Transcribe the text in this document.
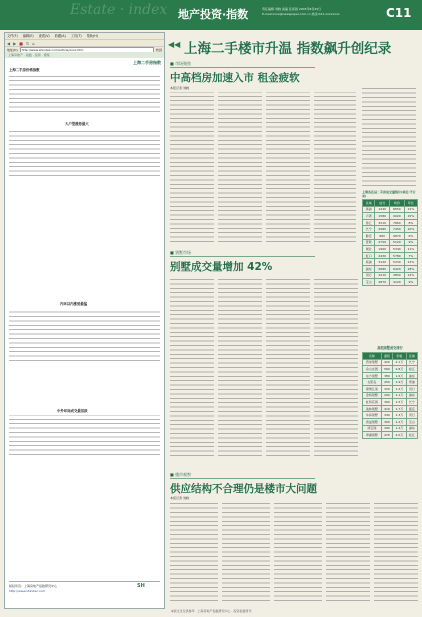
Estate · index 地产投资·指数	责任编辑 刘晓 美编 张泽园 2003年8月25日
E-mail:xxxx@newspaper.com.cn 热线:021-xxxxxxxx	C11
文件(F) 编辑(E) 查看(V) 收藏(A) 工具(T) 帮助(H)
◀ ▶ ■ ↻ ⌂
地址(D)	http://www.shindex.com/article/xxxx.htm	转到
上海房地产 · 指数 · 投资 · 观察
上海二手房指数
上海二手房价格指数
大户型涨势最大
内环以内涨势最猛
中外环间成交最活跃
版权所有：上海房地产指数研究中心
http://www.shindex.com
SH
◀◀ 上海二手楼市升温 指数飙升创纪录
■ 市场聚焦
中高档房加速入市 租金疲软
本报记者 刘晓
上海各区县二手房成交量统计(单位:平方米)
区域	成交	均价	环比
黄浦	1240	8650	12%
卢湾	1580	9020	15%
徐汇	3210	7860	8%
长宁	2980	7450	10%
静安	860	9870	6%
普陀	2750	5120	9%
闸北	1960	5340	11%
虹口	2430	5780	7%
杨浦	3120	5230	13%
浦东	5680	6420	18%
闵行	4210	4850	14%
宝山	2870	4120	9%
■ 别墅市场
别墅成交量增加 42%
高档别墅成交排行
名称	面积	价格	区域
西郊别墅	420	2.1万	长宁
佘山庄园	560	2.8万	松江
东方别墅	380	1.6万	浦东
太阳岛	450	1.9万	青浦
锦绣江南	320	1.2万	闵行
金桥别墅	290	1.1万	浦东
虹桥花园	360	1.5万	长宁
美林别墅	410	1.7万	嘉定
华庭别墅	340	1.3万	闵行
香溢别墅	300	1.2万	宝山
绿宝园	390	1.4万	浦东
翠湖别墅	470	2.0万	松江
■ 楼市观察
供应结构不合理仍是楼市大问题
本报记者 刘晓
本版文章仅供参考 · 上海房地产指数研究中心 · 投资指数周刊
